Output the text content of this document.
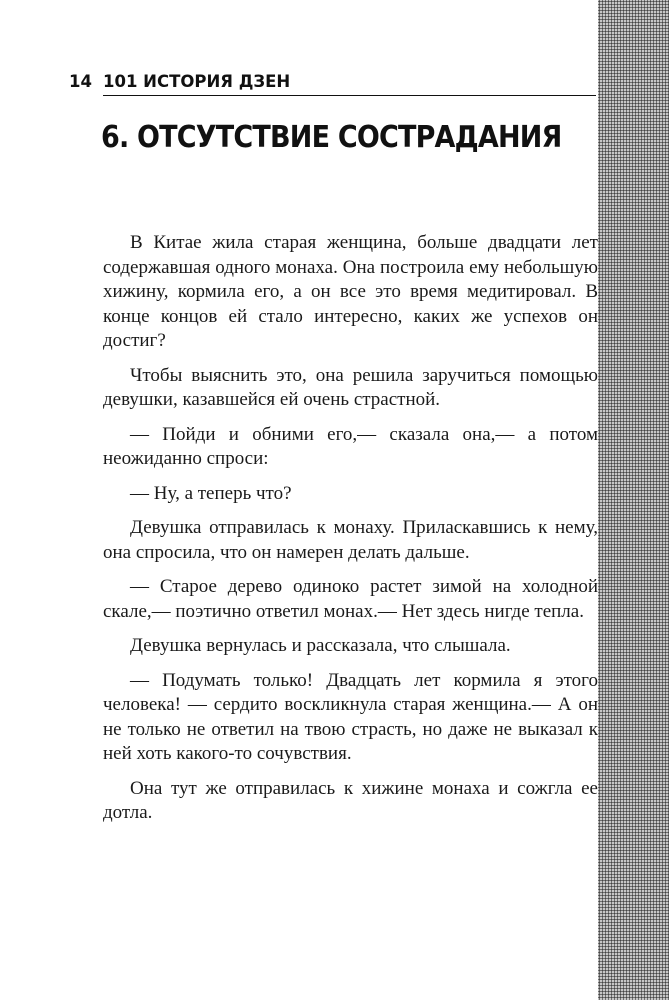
14 101 ИСТОРИЯ ДЗЕН
6. ОТСУТСТВИЕ СОСТРАДАНИЯ

В Китае жила старая женщина, больше двадцати лет содержавшая одного монаха. Она построила ему небольшую хижину, кормила его, а он все это время медитировал. В конце концов ей стало интересно, каких же успехов он достиг?

Чтобы выяснить это, она решила заручиться помощью девушки, казавшейся ей очень страстной.

— Пойди и обними его,— сказала она,— а потом неожиданно спроси:

— Ну, а теперь что?

Девушка отправилась к монаху. Приласкавшись к нему, она спросила, что он намерен делать дальше.

— Старое дерево одиноко растет зимой на холодной скале,— поэтично ответил монах.— Нет здесь нигде тепла.

Девушка вернулась и рассказала, что слышала.

— Подумать только! Двадцать лет кормила я этого человека! — сердито воскликнула старая женщина.— А он не только не ответил на твою страсть, но даже не выказал к ней хоть какого-то сочувствия.

Она тут же отправилась к хижине монаха и сожгла ее дотла.
